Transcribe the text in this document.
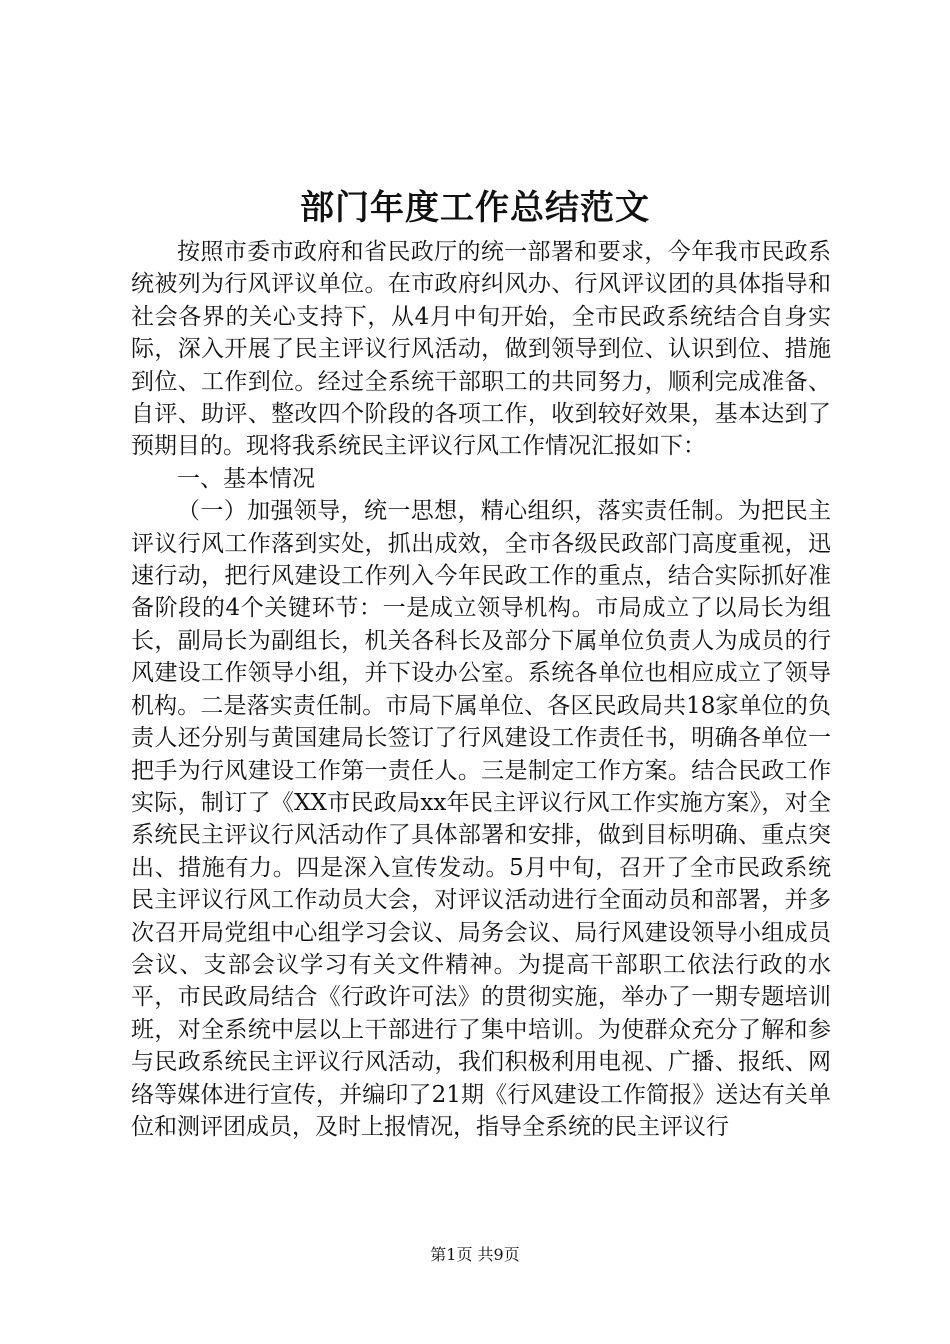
部门年度工作总结范文

按照市委市政府和省民政厅的统一部署和要求，今年我市民政系统被列为行风评议单位。在市政府纠风办、行风评议团的具体指导和社会各界的关心支持下，从4月中旬开始，全市民政系统结合自身实际，深入开展了民主评议行风活动，做到领导到位、认识到位、措施到位、工作到位。经过全系统干部职工的共同努力，顺利完成准备、自评、助评、整改四个阶段的各项工作，收到较好效果，基本达到了预期目的。现将我系统民主评议行风工作情况汇报如下：

一、基本情况

（一）加强领导，统一思想，精心组织，落实责任制。为把民主评议行风工作落到实处，抓出成效，全市各级民政部门高度重视，迅速行动，把行风建设工作列入今年民政工作的重点，结合实际抓好准备阶段的4个关键环节：一是成立领导机构。市局成立了以局长为组长，副局长为副组长，机关各科长及部分下属单位负责人为成员的行风建设工作领导小组，并下设办公室。系统各单位也相应成立了领导机构。二是落实责任制。市局下属单位、各区民政局共18家单位的负责人还分别与黄国建局长签订了行风建设工作责任书，明确各单位一把手为行风建设工作第一责任人。三是制定工作方案。结合民政工作实际，制订了《XX市民政局xx年民主评议行风工作实施方案》，对全系统民主评议行风活动作了具体部署和安排，做到目标明确、重点突出、措施有力。四是深入宣传发动。5月中旬，召开了全市民政系统民主评议行风工作动员大会，对评议活动进行全面动员和部署，并多次召开局党组中心组学习会议、局务会议、局行风建设领导小组成员会议、支部会议学习有关文件精神。为提高干部职工依法行政的水平，市民政局结合《行政许可法》的贯彻实施，举办了一期专题培训班，对全系统中层以上干部进行了集中培训。为使群众充分了解和参与民政系统民主评议行风活动，我们积极利用电视、广播、报纸、网络等媒体进行宣传，并编印了21期《行风建设工作简报》送达有关单位和测评团成员，及时上报情况，指导全系统的民主评议行

第1页 共9页
